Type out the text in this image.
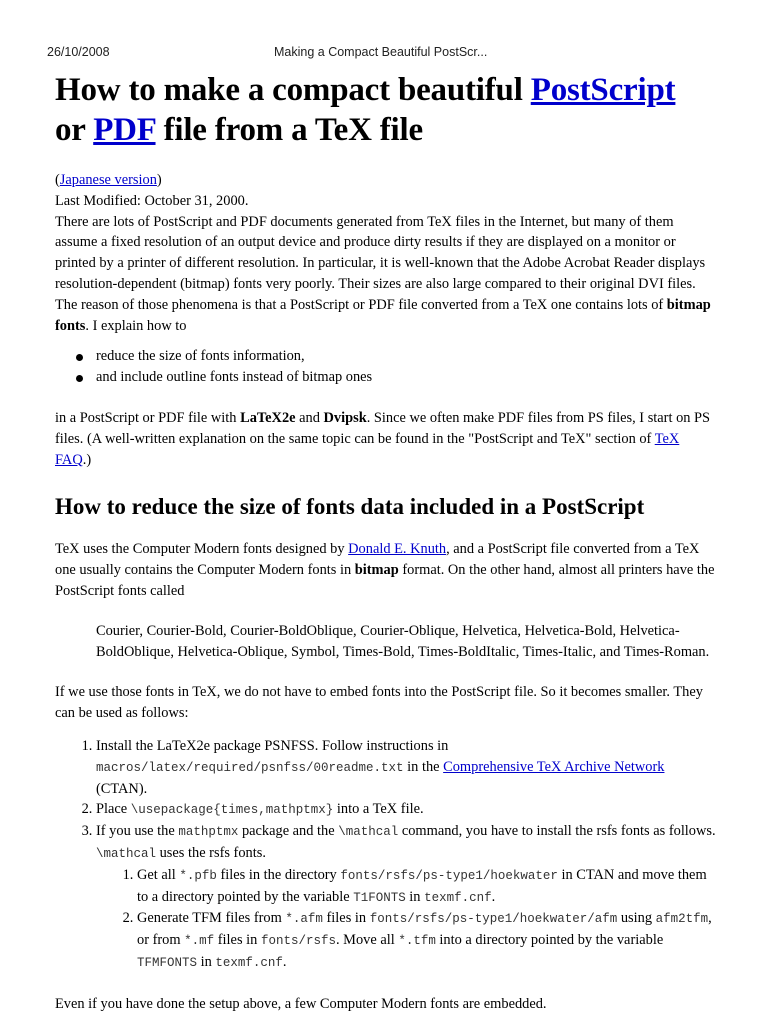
26/10/2008	Making a Compact Beautiful PostScr...
How to make a compact beautiful PostScript
or PDF file from a TeX file

(Japanese version)

Last Modified: October 31, 2000.

There are lots of PostScript and PDF documents generated from TeX files in the Internet, but many of them assume a fixed resolution of an output device and produce dirty results if they are displayed on a monitor or printed by a printer of different resolution. In particular, it is well-known that the Adobe Acrobat Reader displays resolution-dependent (bitmap) fonts very poorly. Their sizes are also large compared to their original DVI files. The reason of those phenomena is that a PostScript or PDF file converted from a TeX one contains lots of bitmap fonts. I explain how to

reduce the size of fonts information,
and include outline fonts instead of bitmap ones

in a PostScript or PDF file with LaTeX2e and Dvipsk. Since we often make PDF files from PS files, I start on PS files. (A well-written explanation on the same topic can be found in the "PostScript and TeX" section of TeX FAQ.)

How to reduce the size of fonts data included in a PostScript

TeX uses the Computer Modern fonts designed by Donald E. Knuth, and a PostScript file converted from a TeX one usually contains the Computer Modern fonts in bitmap format. On the other hand, almost all printers have the PostScript fonts called

Courier, Courier-Bold, Courier-BoldOblique, Courier-Oblique, Helvetica, Helvetica-Bold, Helvetica-BoldOblique, Helvetica-Oblique, Symbol, Times-Bold, Times-BoldItalic, Times-Italic, and Times-Roman.

If we use those fonts in TeX, we do not have to embed fonts into the PostScript file. So it becomes smaller. They can be used as follows:

1. Install the LaTeX2e package PSNFSS. Follow instructions in macros/latex/required/psnfss/00readme.txt in the Comprehensive TeX Archive Network (CTAN).
2. Place \usepackage{times,mathptmx} into a TeX file.
3. If you use the mathptmx package and the \mathcal command, you have to install the rsfs fonts as follows. \mathcal uses the rsfs fonts.
1. Get all *.pfb files in the directory fonts/rsfs/ps-type1/hoekwater in CTAN and move them to a directory pointed by the variable T1FONTS in texmf.cnf.
2. Generate TFM files from *.afm files in fonts/rsfs/ps-type1/hoekwater/afm using afm2tfm, or from *.mf files in fonts/rsfs. Move all *.tfm into a directory pointed by the variable TFMFONTS in texmf.cnf.

Even if you have done the setup above, a few Computer Modern fonts are embedded.
